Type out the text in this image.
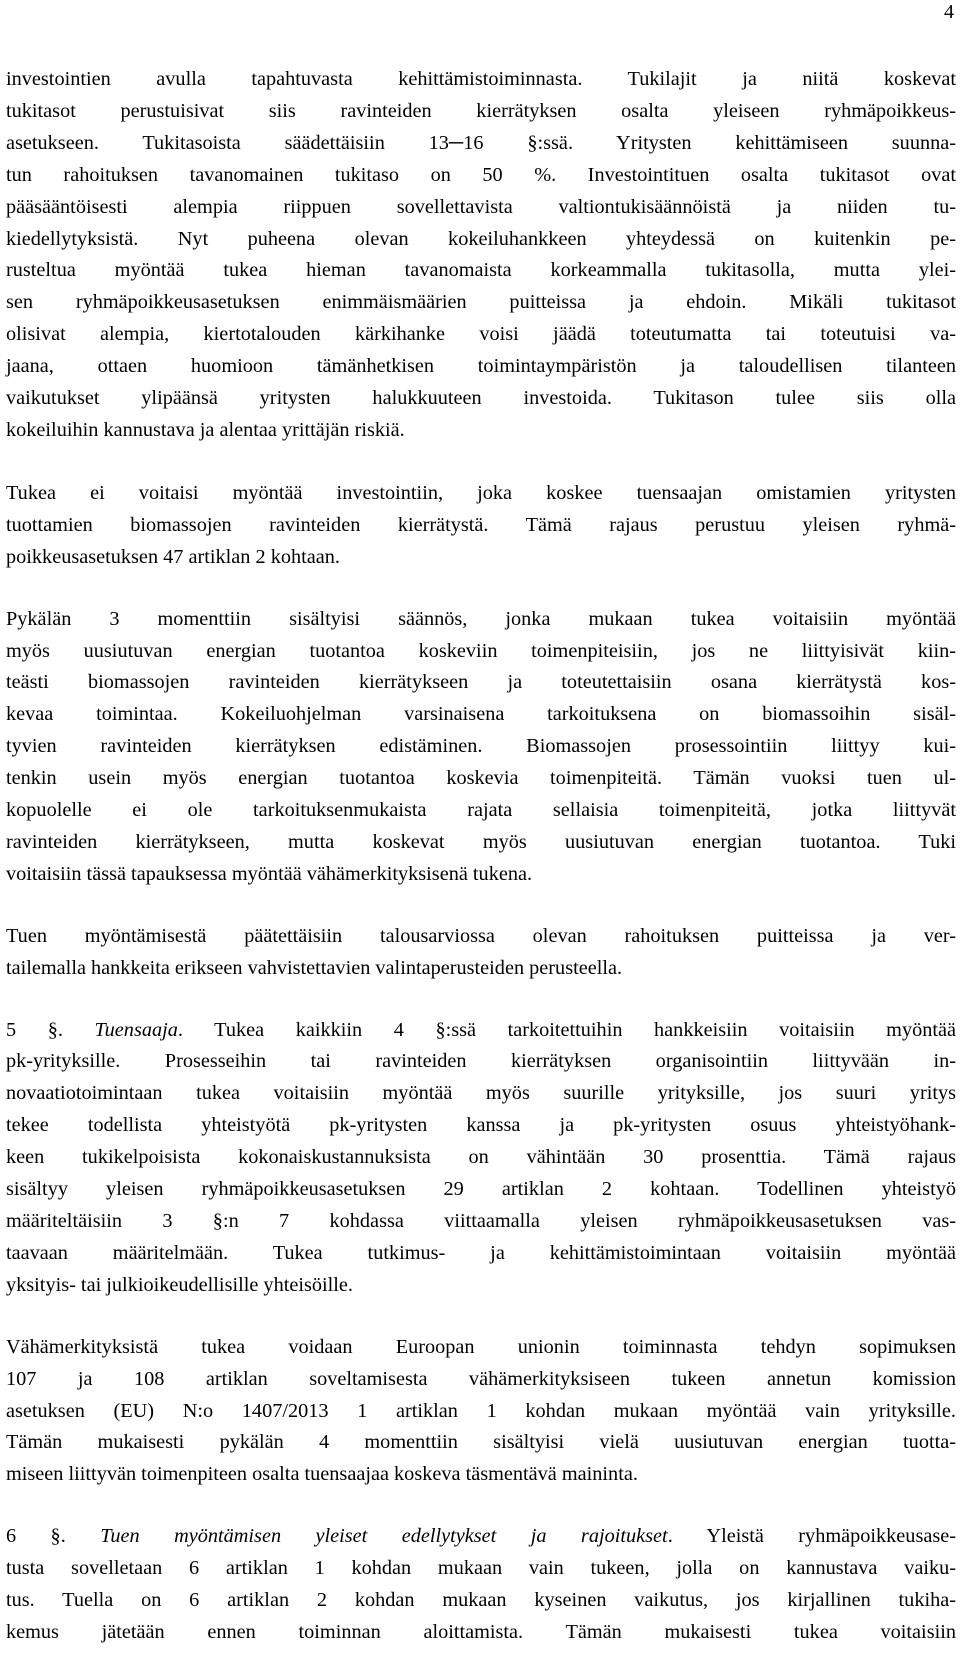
4

investointien avulla tapahtuvasta kehittämistoiminnasta. Tukilajit ja niitä koskevat
tukitasot perustuisivat siis ravinteiden kierrätyksen osalta yleiseen ryhmäpoikkeus-
asetukseen. Tukitasoista säädettäisiin 13─16 §:ssä. Yritysten kehittämiseen suunna-
tun rahoituksen tavanomainen tukitaso on 50 %. Investointituen osalta tukitasot ovat
pääsääntöisesti alempia riippuen sovellettavista valtiontukisäännöistä ja niiden tu-
kiedellytyksistä. Nyt puheena olevan kokeiluhankkeen yhteydessä on kuitenkin pe-
rusteltua myöntää tukea hieman tavanomaista korkeammalla tukitasolla, mutta ylei-
sen ryhmäpoikkeusasetuksen enimmäismäärien puitteissa ja ehdoin. Mikäli tukitasot
olisivat alempia, kiertotalouden kärkihanke voisi jäädä toteutumatta tai toteutuisi va-
jaana, ottaen huomioon tämänhetkisen toimintaympäristön ja taloudellisen tilanteen
vaikutukset ylipäänsä yritysten halukkuuteen investoida. Tukitason tulee siis olla
kokeiluihin kannustava ja alentaa yrittäjän riskiä.

Tukea ei voitaisi myöntää investointiin, joka koskee tuensaajan omistamien yritysten
tuottamien biomassojen ravinteiden kierrätystä. Tämä rajaus perustuu yleisen ryhmä-
poikkeusasetuksen 47 artiklan 2 kohtaan.

Pykälän 3 momenttiin sisältyisi säännös, jonka mukaan tukea voitaisiin myöntää
myös uusiutuvan energian tuotantoa koskeviin toimenpiteisiin, jos ne liittyisivät kiin-
teästi biomassojen ravinteiden kierrätykseen ja toteutettaisiin osana kierrätystä kos-
kevaa toimintaa. Kokeiluohjelman varsinaisena tarkoituksena on biomassoihin sisäl-
tyvien ravinteiden kierrätyksen edistäminen. Biomassojen prosessointiin liittyy kui-
tenkin usein myös energian tuotantoa koskevia toimenpiteitä. Tämän vuoksi tuen ul-
kopuolelle ei ole tarkoituksenmukaista rajata sellaisia toimenpiteitä, jotka liittyvät
ravinteiden kierrätykseen, mutta koskevat myös uusiutuvan energian tuotantoa. Tuki
voitaisiin tässä tapauksessa myöntää vähämerkityksisenä tukena.

Tuen myöntämisestä päätettäisiin talousarviossa olevan rahoituksen puitteissa ja ver-
tailemalla hankkeita erikseen vahvistettavien valintaperusteiden perusteella.

5 §. Tuensaaja. Tukea kaikkiin 4 §:ssä tarkoitettuihin hankkeisiin voitaisiin myöntää
pk-yrityksille. Prosesseihin tai ravinteiden kierrätyksen organisointiin liittyvään in-
novaatiotoimintaan tukea voitaisiin myöntää myös suurille yrityksille, jos suuri yritys
tekee todellista yhteistyötä pk-yritysten kanssa ja pk-yritysten osuus yhteistyöhank-
keen tukikelpoisista kokonaiskustannuksista on vähintään 30 prosenttia. Tämä rajaus
sisältyy yleisen ryhmäpoikkeusasetuksen 29 artiklan 2 kohtaan. Todellinen yhteistyö
määriteltäisiin 3 §:n 7 kohdassa viittaamalla yleisen ryhmäpoikkeusasetuksen vas-
taavaan määritelmään. Tukea tutkimus- ja kehittämistoimintaan voitaisiin myöntää
yksityis- tai julkioikeudellisille yhteisöille.

Vähämerkityksistä tukea voidaan Euroopan unionin toiminnasta tehdyn sopimuksen
107 ja 108 artiklan soveltamisesta vähämerkityksiseen tukeen annetun komission
asetuksen (EU) N:o 1407/2013 1 artiklan 1 kohdan mukaan myöntää vain yrityksille.
Tämän mukaisesti pykälän 4 momenttiin sisältyisi vielä uusiutuvan energian tuotta-
miseen liittyvän toimenpiteen osalta tuensaajaa koskeva täsmentävä maininta.

6 §. Tuen myöntämisen yleiset edellytykset ja rajoitukset. Yleistä ryhmäpoikkeusase-
tusta sovelletaan 6 artiklan 1 kohdan mukaan vain tukeen, jolla on kannustava vaiku-
tus. Tuella on 6 artiklan 2 kohdan mukaan kyseinen vaikutus, jos kirjallinen tukiha-
kemus jätetään ennen toiminnan aloittamista. Tämän mukaisesti tukea voitaisiin
